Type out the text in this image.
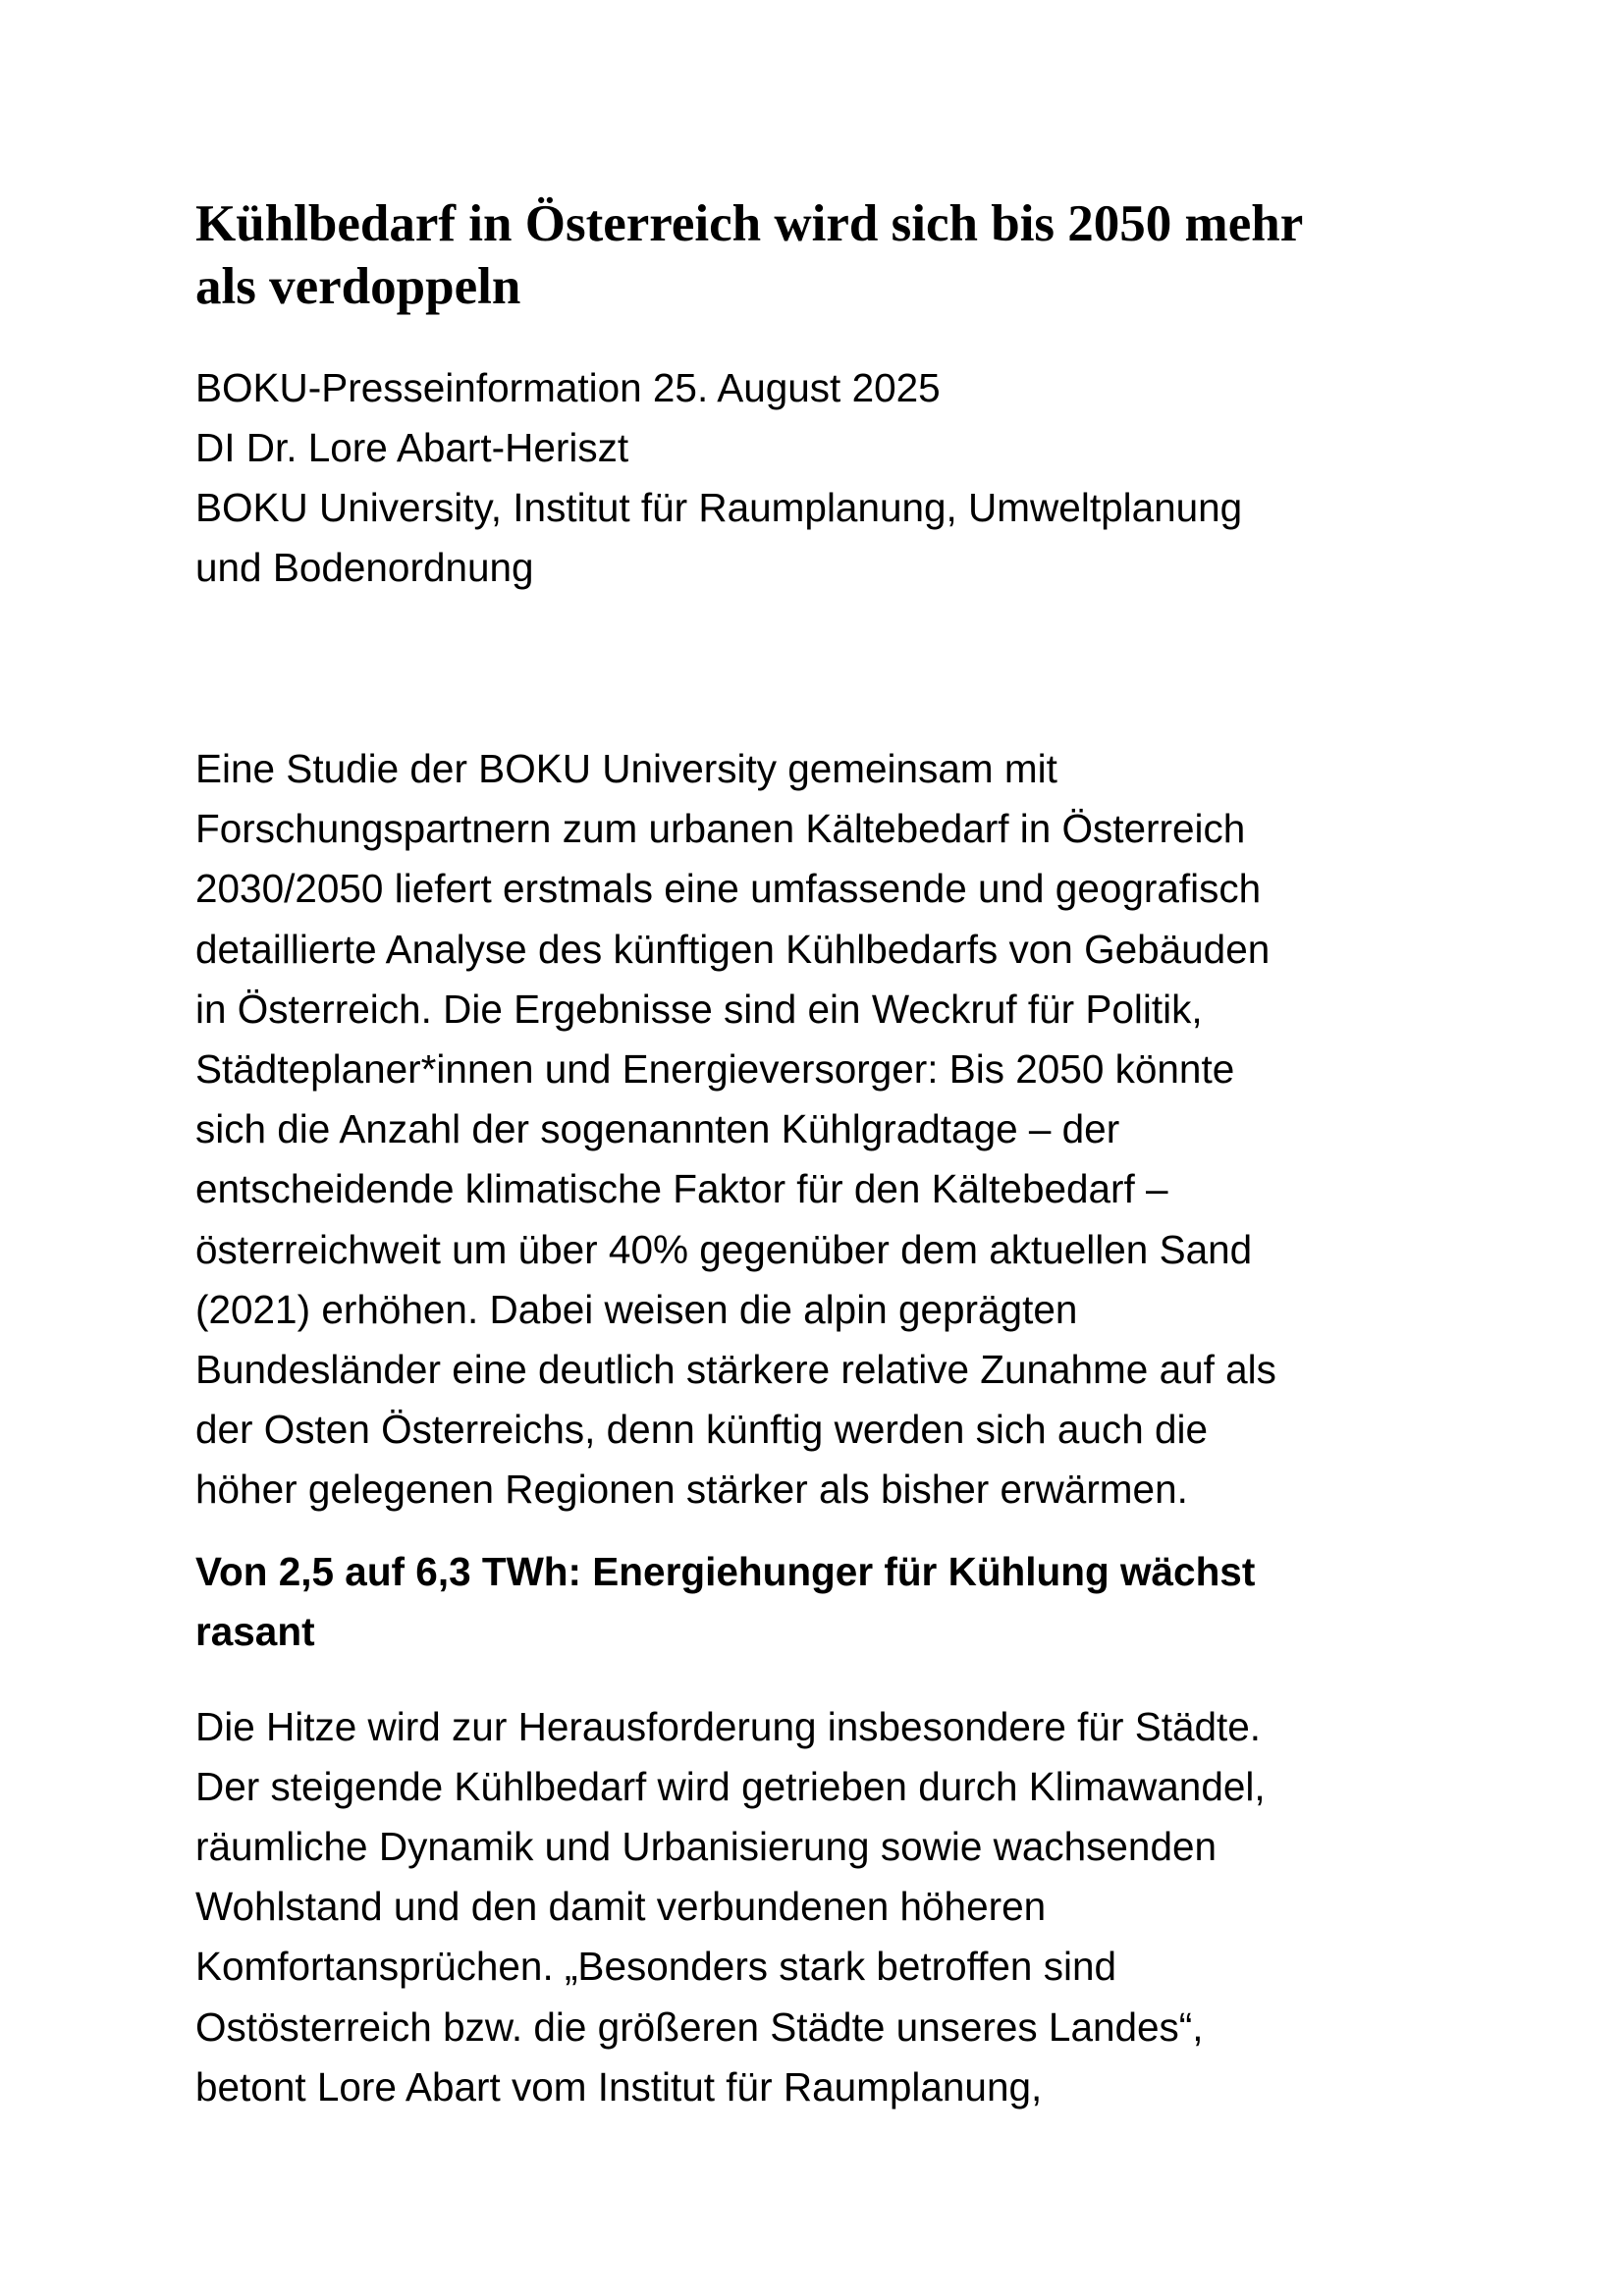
Kühlbedarf in Österreich wird sich bis 2050 mehr
als verdoppeln
BOKU-Presseinformation 25. August 2025
DI Dr. Lore Abart-Heriszt
BOKU University, Institut für Raumplanung, Umweltplanung
und Bodenordnung

Eine Studie der BOKU University gemeinsam mit
Forschungspartnern zum urbanen Kältebedarf in Österreich
2030/2050 liefert erstmals eine umfassende und geografisch
detaillierte Analyse des künftigen Kühlbedarfs von Gebäuden
in Österreich. Die Ergebnisse sind ein Weckruf für Politik,
Städteplaner*innen und Energieversorger: Bis 2050 könnte
sich die Anzahl der sogenannten Kühlgradtage – der
entscheidende klimatische Faktor für den Kältebedarf –
österreichweit um über 40% gegenüber dem aktuellen Sand
(2021) erhöhen. Dabei weisen die alpin geprägten
Bundesländer eine deutlich stärkere relative Zunahme auf als
der Osten Österreichs, denn künftig werden sich auch die
höher gelegenen Regionen stärker als bisher erwärmen.

Von 2,5 auf 6,3 TWh: Energiehunger für Kühlung wächst
rasant

Die Hitze wird zur Herausforderung insbesondere für Städte.
Der steigende Kühlbedarf wird getrieben durch Klimawandel,
räumliche Dynamik und Urbanisierung sowie wachsenden
Wohlstand und den damit verbundenen höheren
Komfortansprüchen. „Besonders stark betroffen sind
Ostösterreich bzw. die größeren Städte unseres Landes“,
betont Lore Abart vom Institut für Raumplanung,
